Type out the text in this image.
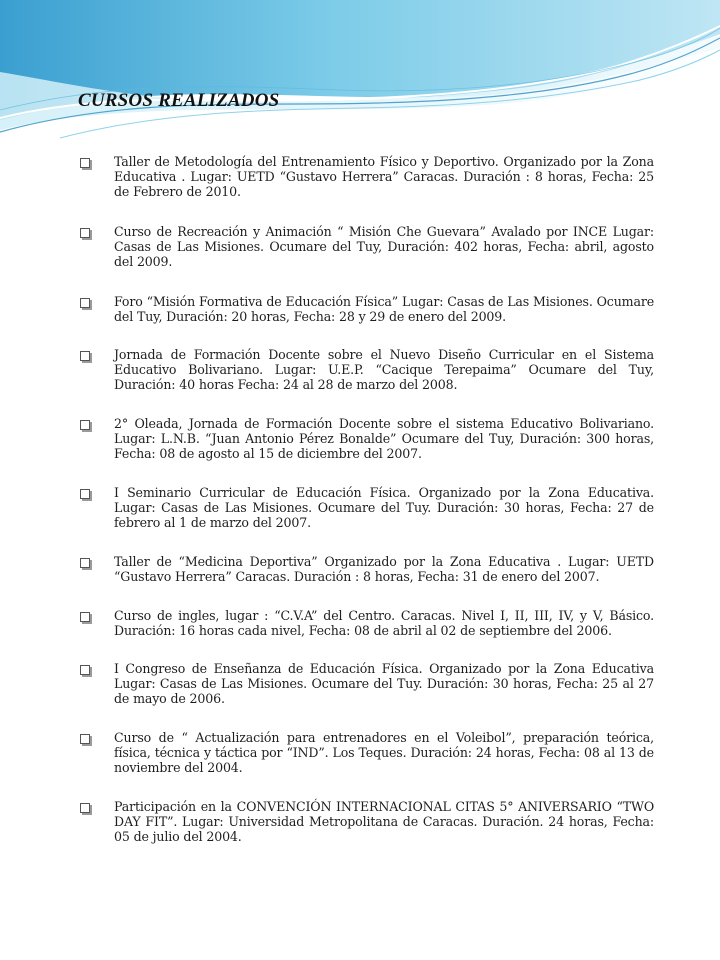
CURSOS REALIZADOS

Taller de Metodología del Entrenamiento Físico y Deportivo. Organizado por la Zona Educativa . Lugar: UETD “Gustavo Herrera” Caracas. Duración : 8 horas, Fecha: 25 de Febrero de 2010.

Curso de Recreación y Animación “ Misión Che Guevara” Avalado por INCE Lugar: Casas de Las Misiones. Ocumare del Tuy, Duración: 402 horas, Fecha: abril, agosto del 2009.

Foro “Misión Formativa de Educación Física” Lugar: Casas de Las Misiones. Ocumare del Tuy, Duración: 20 horas, Fecha: 28 y 29 de enero del 2009.

Jornada de Formación Docente sobre el Nuevo Diseño Curricular en el Sistema Educativo Bolivariano. Lugar: U.E.P. “Cacique Terepaima” Ocumare del Tuy, Duración: 40 horas Fecha: 24 al 28 de marzo del 2008.

2° Oleada, Jornada de Formación Docente sobre el sistema Educativo Bolivariano. Lugar: L.N.B. “Juan Antonio Pérez Bonalde” Ocumare del Tuy, Duración: 300 horas, Fecha: 08 de agosto al 15 de diciembre del 2007.

I Seminario Curricular de Educación Física. Organizado por la Zona Educativa. Lugar: Casas de Las Misiones. Ocumare del Tuy. Duración: 30 horas, Fecha: 27 de febrero al 1 de marzo del 2007.

Taller de “Medicina Deportiva” Organizado por la Zona Educativa . Lugar: UETD “Gustavo Herrera” Caracas. Duración : 8 horas, Fecha: 31 de enero del 2007.

Curso de ingles, lugar : “C.V.A” del Centro. Caracas. Nivel I, II, III, IV, y V, Básico. Duración: 16 horas cada nivel, Fecha: 08 de abril al 02 de septiembre del 2006.

I Congreso de Enseñanza de Educación Física. Organizado por la Zona Educativa Lugar: Casas de Las Misiones. Ocumare del Tuy. Duración: 30 horas, Fecha: 25 al 27 de mayo de 2006.

Curso de “ Actualización para entrenadores en el Voleibol”, preparación teórica, física, técnica y táctica por “IND”. Los Teques. Duración: 24 horas, Fecha: 08 al 13 de noviembre del 2004.

Participación en la CONVENCIÓN INTERNACIONAL CITAS 5° ANIVERSARIO “TWO DAY FIT”. Lugar: Universidad Metropolitana de Caracas. Duración. 24 horas, Fecha: 05 de julio del 2004.
